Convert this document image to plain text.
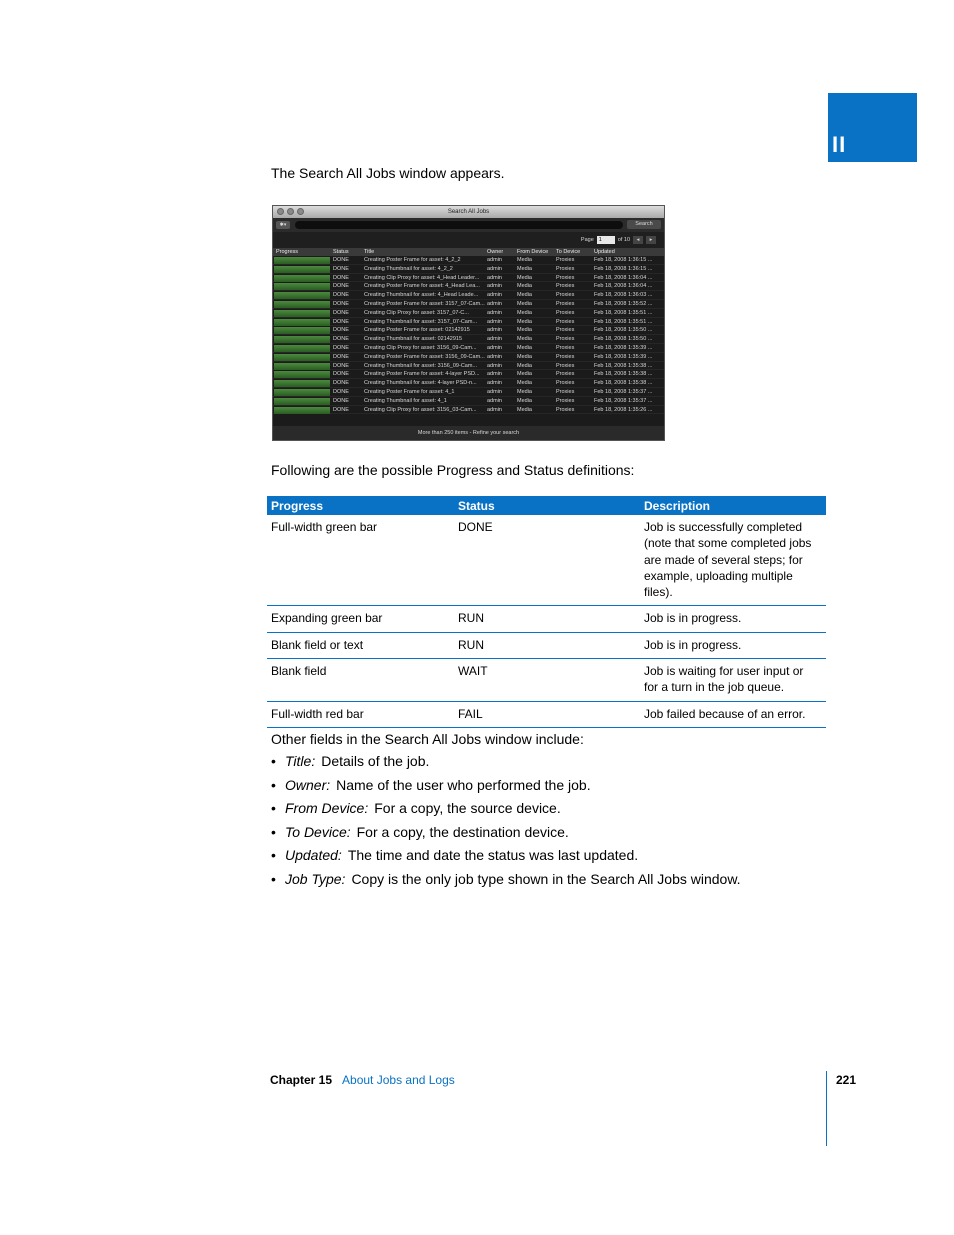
II
The Search All Jobs window appears.
Search All Jobs
✱▾	Search
Page 1	of 10	◂	▸
Progress	Status	Title	Owner	From Device To Device	Updated
DONE	Creating Poster Frame for asset: 4_2_2	admin	Media	Proxies	Feb 18, 2008 1:36:15 ...
DONE	Creating Thumbnail for asset: 4_2_2	admin	Media	Proxies	Feb 18, 2008 1:36:15 ...
DONE	Creating Clip Proxy for asset: 4_Head Leader...	admin	Media	Proxies	Feb 18, 2008 1:36:04 ...
DONE	Creating Poster Frame for asset: 4_Head Lea...	admin	Media	Proxies	Feb 18, 2008 1:36:04 ...
DONE	Creating Thumbnail for asset: 4_Head Leade...	admin	Media	Proxies	Feb 18, 2008 1:36:03 ...
DONE	Creating Poster Frame for asset: 3157_07-Cam... admin	Media	Proxies	Feb 18, 2008 1:35:52 ...
DONE	Creating Clip Proxy for asset: 3157_07-C...	admin	Media	Proxies	Feb 18, 2008 1:35:51 ...
DONE	Creating Thumbnail for asset: 3157_07-Cam...	admin	Media	Proxies	Feb 18, 2008 1:35:51 ...
DONE	Creating Poster Frame for asset: 02142915	admin	Media	Proxies	Feb 18, 2008 1:35:50 ...
DONE	Creating Thumbnail for asset: 02142915	admin	Media	Proxies	Feb 18, 2008 1:35:50 ...
DONE	Creating Clip Proxy for asset: 3156_09-Cam...	admin	Media	Proxies	Feb 18, 2008 1:35:39 ...
DONE	Creating Poster Frame for asset: 3156_09-Cam... admin	Media	Proxies	Feb 18, 2008 1:35:39 ...
DONE	Creating Thumbnail for asset: 3156_09-Cam...	admin	Media	Proxies	Feb 18, 2008 1:35:38 ...
DONE	Creating Poster Frame for asset: 4-layer PSD...	admin	Media	Proxies	Feb 18, 2008 1:35:38 ...
DONE	Creating Thumbnail for asset: 4-layer PSD-n...	admin	Media	Proxies	Feb 18, 2008 1:35:38 ...
DONE	Creating Poster Frame for asset: 4_1	admin	Media	Proxies	Feb 18, 2008 1:35:37 ...
DONE	Creating Thumbnail for asset: 4_1	admin	Media	Proxies	Feb 18, 2008 1:35:37 ...
DONE	Creating Clip Proxy for asset: 3156_03-Cam...	admin	Media	Proxies	Feb 18, 2008 1:35:26 ...
More than 250 items - Refine your search
Following are the possible Progress and Status definitions:
Progress	Status	Description
Full-width green bar	DONE	Job is successfully completed (note that some completed jobs are made of several steps; for example, uploading multiple files).
Expanding green bar	RUN	Job is in progress.
Blank field or text	RUN	Job is in progress.
Blank field	WAIT	Job is waiting for user input or for a turn in the job queue.
Full-width red bar	FAIL	Job failed because of an error.
Other fields in the Search All Jobs window include:
• Title: Details of the job.
• Owner: Name of the user who performed the job.
• From Device: For a copy, the source device.
• To Device: For a copy, the destination device.
• Updated: The time and date the status was last updated.
• Job Type: Copy is the only job type shown in the Search All Jobs window.
Chapter 15 About Jobs and Logs	221
